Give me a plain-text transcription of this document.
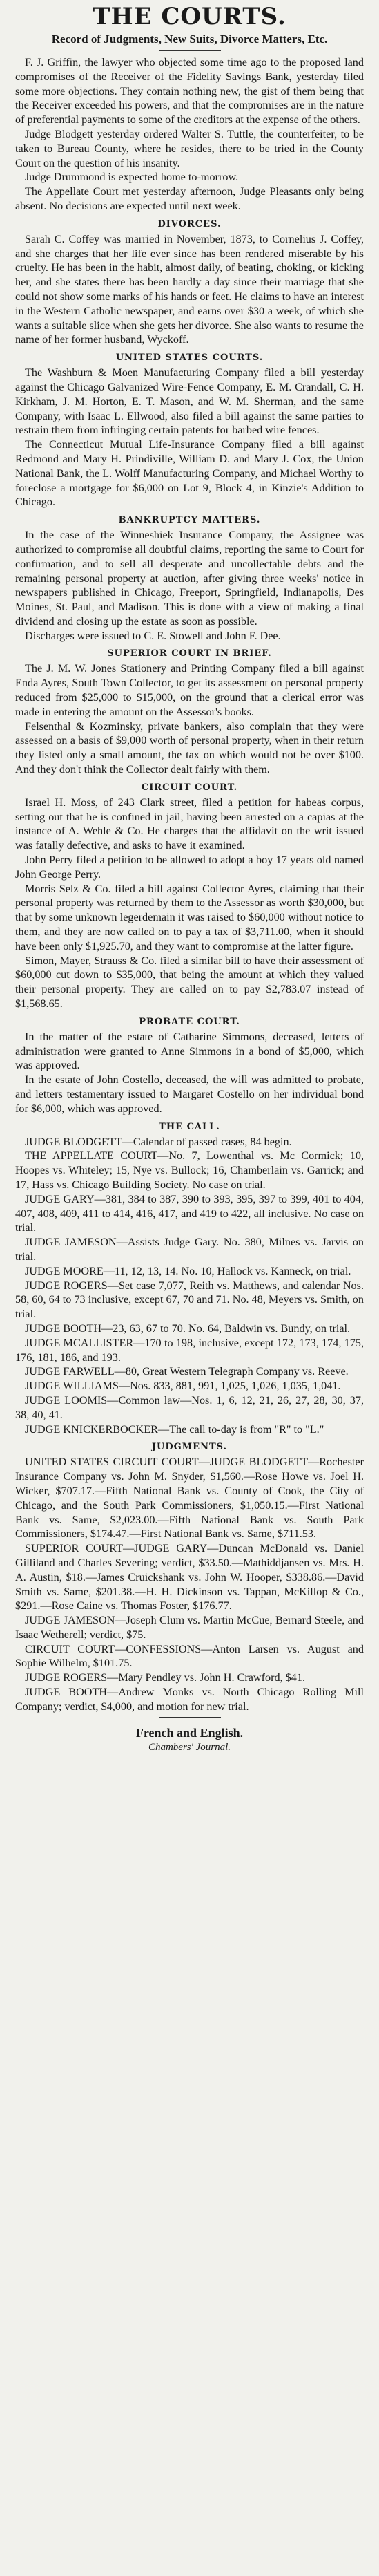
THE COURTS.
Record of Judgments, New Suits, Divorce Matters, Etc.

F. J. Griffin, the lawyer who objected some time ago to the proposed land compromises of the Receiver of the Fidelity Savings Bank, yesterday filed some more objections. They contain nothing new, the gist of them being that the Receiver exceeded his powers, and that the compromises are in the nature of preferential payments to some of the creditors at the expense of the others.

Judge Blodgett yesterday ordered Walter S. Tuttle, the counterfeiter, to be taken to Bureau County, where he resides, there to be tried in the County Court on the question of his insanity.

Judge Drummond is expected home to-morrow.

The Appellate Court met yesterday afternoon, Judge Pleasants only being absent. No decisions are expected until next week.

DIVORCES.

Sarah C. Coffey was married in November, 1873, to Cornelius J. Coffey, and she charges that her life ever since has been rendered miserable by his cruelty. He has been in the habit, almost daily, of beating, choking, or kicking her, and she states there has been hardly a day since their marriage that she could not show some marks of his hands or feet. He claims to have an interest in the Western Catholic newspaper, and earns over $30 a week, of which she wants a suitable slice when she gets her divorce. She also wants to resume the name of her former husband, Wyckoff.

UNITED STATES COURTS.

The Washburn & Moen Manufacturing Company filed a bill yesterday against the Chicago Galvanized Wire-Fence Company, E. M. Crandall, C. H. Kirkham, J. M. Horton, E. T. Mason, and W. M. Sherman, and the same Company, with Isaac L. Ellwood, also filed a bill against the same parties to restrain them from infringing certain patents for barbed wire fences.

The Connecticut Mutual Life-Insurance Company filed a bill against Redmond and Mary H. Prindiville, William D. and Mary J. Cox, the Union National Bank, the L. Wolff Manufacturing Company, and Michael Worthy to foreclose a mortgage for $6,000 on Lot 9, Block 4, in Kinzie's Addition to Chicago.

BANKRUPTCY MATTERS.

In the case of the Winneshiek Insurance Company, the Assignee was authorized to compromise all doubtful claims, reporting the same to Court for confirmation, and to sell all desperate and uncollectable debts and the remaining personal property at auction, after giving three weeks' notice in newspapers published in Chicago, Freeport, Springfield, Indianapolis, Des Moines, St. Paul, and Madison. This is done with a view of making a final dividend and closing up the estate as soon as possible.

Discharges were issued to C. E. Stowell and John F. Dee.

SUPERIOR COURT IN BRIEF.

The J. M. W. Jones Stationery and Printing Company filed a bill against Enda Ayres, South Town Collector, to get its assessment on personal property reduced from $25,000 to $15,000, on the ground that a clerical error was made in entering the amount on the Assessor's books.

Felsenthal & Kozminsky, private bankers, also complain that they were assessed on a basis of $9,000 worth of personal property, when in their return they listed only a small amount, the tax on which would not be over $100. And they don't think the Collector dealt fairly with them.

CIRCUIT COURT.

Israel H. Moss, of 243 Clark street, filed a petition for habeas corpus, setting out that he is confined in jail, having been arrested on a capias at the instance of A. Wehle & Co. He charges that the affidavit on the writ issued was fatally defective, and asks to have it examined.

John Perry filed a petition to be allowed to adopt a boy 17 years old named John George Perry.

Morris Selz & Co. filed a bill against Collector Ayres, claiming that their personal property was returned by them to the Assessor as worth $30,000, but that by some unknown legerdemain it was raised to $60,000 without notice to them, and they are now called on to pay a tax of $3,711.00, when it should have been only $1,925.70, and they want to compromise at the latter figure.

Simon, Mayer, Strauss & Co. filed a similar bill to have their assessment of $60,000 cut down to $35,000, that being the amount at which they valued their personal property. They are called on to pay $2,783.07 instead of $1,568.65.

PROBATE COURT.

In the matter of the estate of Catharine Simmons, deceased, letters of administration were granted to Anne Simmons in a bond of $5,000, which was approved.

In the estate of John Costello, deceased, the will was admitted to probate, and letters testamentary issued to Margaret Costello on her individual bond for $6,000, which was approved.

THE CALL.

JUDGE BLODGETT—Calendar of passed cases, 84 begin.

THE APPELLATE COURT—No. 7, Lowenthal vs. Mc Cormick; 10, Hoopes vs. Whiteley; 15, Nye vs. Bullock; 16, Chamberlain vs. Garrick; and 17, Hass vs. Chicago Building Society. No case on trial.

JUDGE GARY—381, 384 to 387, 390 to 393, 395, 397 to 399, 401 to 404, 407, 408, 409, 411 to 414, 416, 417, and 419 to 422, all inclusive. No case on trial.

JUDGE JAMESON—Assists Judge Gary. No. 380, Milnes vs. Jarvis on trial.

JUDGE MOORE—11, 12, 13, 14. No. 10, Hallock vs. Kanneck, on trial.

JUDGE ROGERS—Set case 7,077, Reith vs. Matthews, and calendar Nos. 58, 60, 64 to 73 inclusive, except 67, 70 and 71. No. 48, Meyers vs. Smith, on trial.

JUDGE BOOTH—23, 63, 67 to 70. No. 64, Baldwin vs. Bundy, on trial.

JUDGE MCALLISTER—170 to 198, inclusive, except 172, 173, 174, 175, 176, 181, 186, and 193.

JUDGE FARWELL—80, Great Western Telegraph Company vs. Reeve.

JUDGE WILLIAMS—Nos. 833, 881, 991, 1,025, 1,026, 1,035, 1,041.

JUDGE LOOMIS—Common law—Nos. 1, 6, 12, 21, 26, 27, 28, 30, 37, 38, 40, 41.

JUDGE KNICKERBOCKER—The call to-day is from "R" to "L."

JUDGMENTS.

UNITED STATES CIRCUIT COURT—JUDGE BLODGETT—Rochester Insurance Company vs. John M. Snyder, $1,560.—Rose Howe vs. Joel H. Wicker, $707.17.—Fifth National Bank vs. County of Cook, the City of Chicago, and the South Park Commissioners, $1,050.15.—First National Bank vs. Same, $2,023.00.—Fifth National Bank vs. South Park Commissioners, $174.47.—First National Bank vs. Same, $711.53.

SUPERIOR COURT—JUDGE GARY—Duncan McDonald vs. Daniel Gilliland and Charles Severing; verdict, $33.50.—Mathiddjansen vs. Mrs. H. A. Austin, $18.—James Cruickshank vs. John W. Hooper, $338.86.—David Smith vs. Same, $201.38.—H. H. Dickinson vs. Tappan, McKillop & Co., $291.—Rose Caine vs. Thomas Foster, $176.77.

JUDGE JAMESON—Joseph Clum vs. Martin McCue, Bernard Steele, and Isaac Wetherell; verdict, $75.

CIRCUIT COURT—CONFESSIONS—Anton Larsen vs. August and Sophie Wilhelm, $101.75.

JUDGE ROGERS—Mary Pendley vs. John H. Crawford, $41.

JUDGE BOOTH—Andrew Monks vs. North Chicago Rolling Mill Company; verdict, $4,000, and motion for new trial.

French and English.
Chambers' Journal.
